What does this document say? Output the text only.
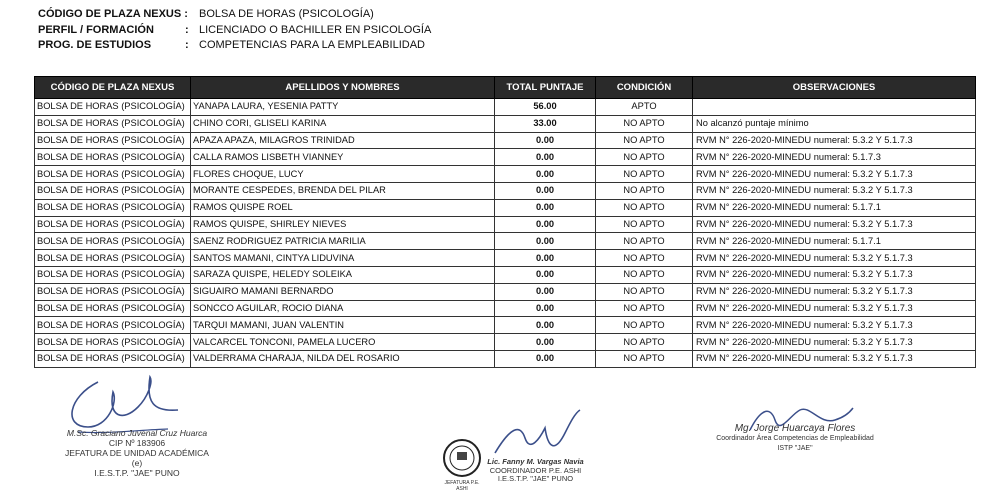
CÓDIGO DE PLAZA NEXUS :	BOLSA DE HORAS (PSICOLOGÍA)
PERFIL / FORMACIÓN	: LICENCIADO O BACHILLER EN PSICOLOGÍA
PROG. DE ESTUDIOS	: COMPETENCIAS PARA LA EMPLEABILIDAD
CÓDIGO DE PLAZA NEXUS	APELLIDOS Y NOMBRES	TOTAL PUNTAJE	CONDICIÓN	OBSERVACIONES
BOLSA DE HORAS (PSICOLOGÍA)	YANAPA LAURA, YESENIA PATTY	56.00	APTO	
BOLSA DE HORAS (PSICOLOGÍA)	CHINO CORI, GLISELI KARINA	33.00	NO APTO	No alcanzó puntaje mínimo
BOLSA DE HORAS (PSICOLOGÍA)	APAZA APAZA, MILAGROS TRINIDAD	0.00	NO APTO	RVM N° 226-2020-MINEDU numeral: 5.3.2 Y 5.1.7.3
BOLSA DE HORAS (PSICOLOGÍA)	CALLA RAMOS LISBETH VIANNEY	0.00	NO APTO	RVM N° 226-2020-MINEDU numeral: 5.1.7.3
BOLSA DE HORAS (PSICOLOGÍA)	FLORES CHOQUE, LUCY	0.00	NO APTO	RVM N° 226-2020-MINEDU numeral: 5.3.2 Y 5.1.7.3
BOLSA DE HORAS (PSICOLOGÍA)	MORANTE CESPEDES, BRENDA DEL PILAR	0.00	NO APTO	RVM N° 226-2020-MINEDU numeral: 5.3.2 Y 5.1.7.3
BOLSA DE HORAS (PSICOLOGÍA)	RAMOS QUISPE ROEL	0.00	NO APTO	RVM N° 226-2020-MINEDU numeral: 5.1.7.1
BOLSA DE HORAS (PSICOLOGÍA)	RAMOS QUISPE, SHIRLEY NIEVES	0.00	NO APTO	RVM N° 226-2020-MINEDU numeral: 5.3.2 Y 5.1.7.3
BOLSA DE HORAS (PSICOLOGÍA)	SAENZ RODRIGUEZ PATRICIA MARILIA	0.00	NO APTO	RVM N° 226-2020-MINEDU numeral: 5.1.7.1
BOLSA DE HORAS (PSICOLOGÍA)	SANTOS MAMANI, CINTYA LIDUVINA	0.00	NO APTO	RVM N° 226-2020-MINEDU numeral: 5.3.2 Y 5.1.7.3
BOLSA DE HORAS (PSICOLOGÍA)	SARAZA QUISPE, HELEDY SOLEIKA	0.00	NO APTO	RVM N° 226-2020-MINEDU numeral: 5.3.2 Y 5.1.7.3
BOLSA DE HORAS (PSICOLOGÍA)	SIGUAIRO MAMANI BERNARDO	0.00	NO APTO	RVM N° 226-2020-MINEDU numeral: 5.3.2 Y 5.1.7.3
BOLSA DE HORAS (PSICOLOGÍA)	SONCCO AGUILAR, ROCIO DIANA	0.00	NO APTO	RVM N° 226-2020-MINEDU numeral: 5.3.2 Y 5.1.7.3
BOLSA DE HORAS (PSICOLOGÍA)	TARQUI MAMANI, JUAN VALENTIN	0.00	NO APTO	RVM N° 226-2020-MINEDU numeral: 5.3.2 Y 5.1.7.3
BOLSA DE HORAS (PSICOLOGÍA)	VALCARCEL TONCONI, PAMELA LUCERO	0.00	NO APTO	RVM N° 226-2020-MINEDU numeral: 5.3.2 Y 5.1.7.3
BOLSA DE HORAS (PSICOLOGÍA)	VALDERRAMA CHARAJA, NILDA DEL ROSARIO	0.00	NO APTO	RVM N° 226-2020-MINEDU numeral: 5.3.2 Y 5.1.7.3
M.Sc. Graciano Juvenal Cruz Huarca
CIP Nº 183906
JEFATURA DE UNIDAD ACADÉMICA (e)
I.E.S.T.P. "JAE" PUNO
JEFATURA P.E. ASHI
Lic. Fanny M. Vargas Navia
COORDINADOR P.E. ASHI
I.E.S.T.P. "JAE" PUNO
Mg. Jorge Huarcaya Flores
Coordinador Área Competencias de Empleabilidad
ISTP "JAE"
